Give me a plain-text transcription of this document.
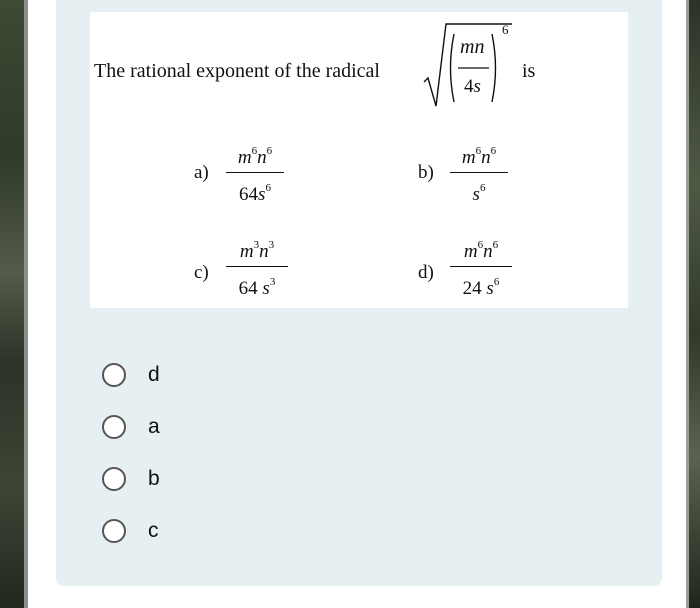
The rational exponent of the radical
mn
4s
6
is
a)
$m^6n^6$
$64s^6$
b)
$m^6n^6$
$s^6$
c)
$m^3n^3$
64 $s^3$	d)
$m^6n^6$
24 $s^6$
d
a
b
c
